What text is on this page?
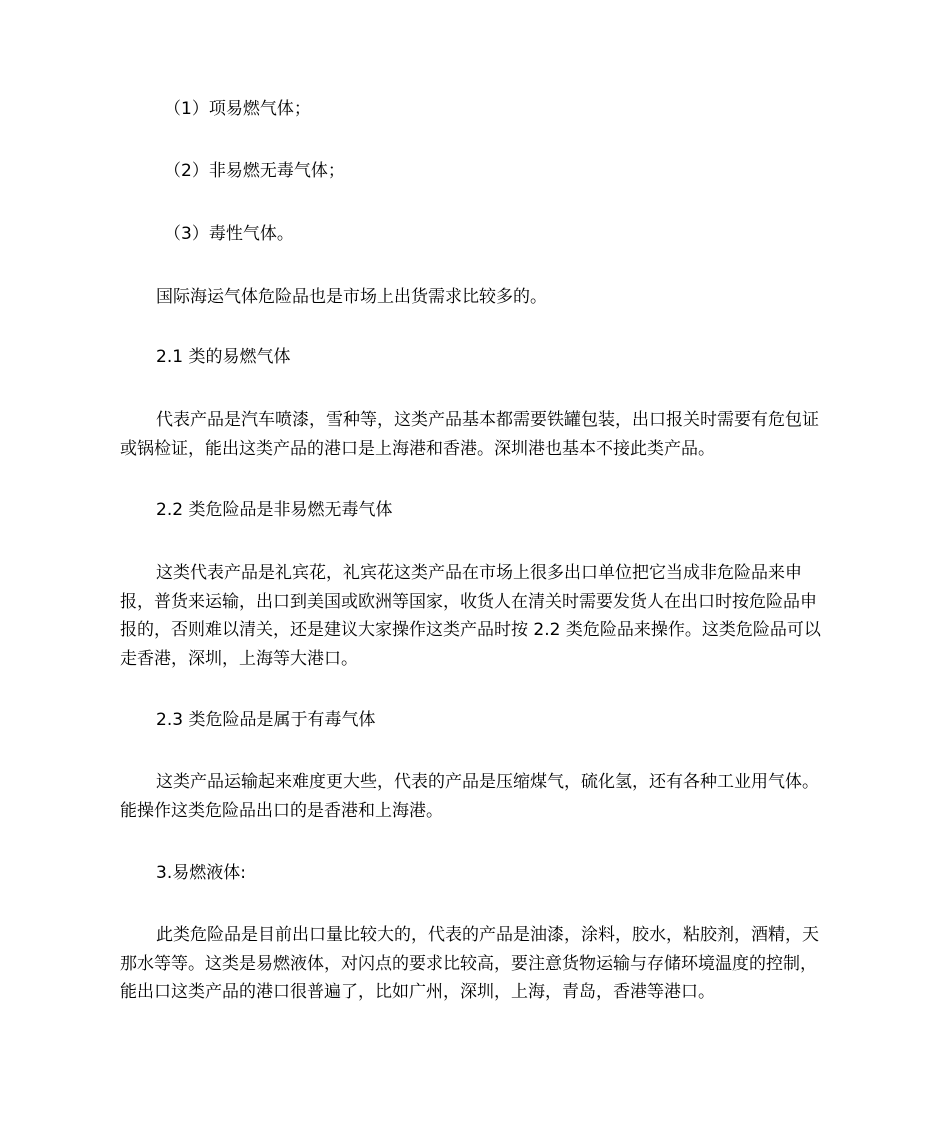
（1）项易燃气体；

（2）非易燃无毒气体；

（3）毒性气体。

国际海运气体危险品也是市场上出货需求比较多的。

2.1 类的易燃气体

代表产品是汽车喷漆，雪种等，这类产品基本都需要铁罐包装，出口报关时需要有危包证或锅检证，能出这类产品的港口是上海港和香港。深圳港也基本不接此类产品。

2.2 类危险品是非易燃无毒气体

这类代表产品是礼宾花，礼宾花这类产品在市场上很多出口单位把它当成非危险品来申报，普货来运输，出口到美国或欧洲等国家，收货人在清关时需要发货人在出口时按危险品申报的，否则难以清关，还是建议大家操作这类产品时按 2.2 类危险品来操作。这类危险品可以走香港，深圳，上海等大港口。

2.3 类危险品是属于有毒气体

这类产品运输起来难度更大些，代表的产品是压缩煤气，硫化氢，还有各种工业用气体。能操作这类危险品出口的是香港和上海港。

3.易燃液体:

此类危险品是目前出口量比较大的，代表的产品是油漆，涂料，胶水，粘胶剂，酒精，天那水等等。这类是易燃液体，对闪点的要求比较高，要注意货物运输与存储环境温度的控制，能出口这类产品的港口很普遍了，比如广州，深圳，上海，青岛，香港等港口。
